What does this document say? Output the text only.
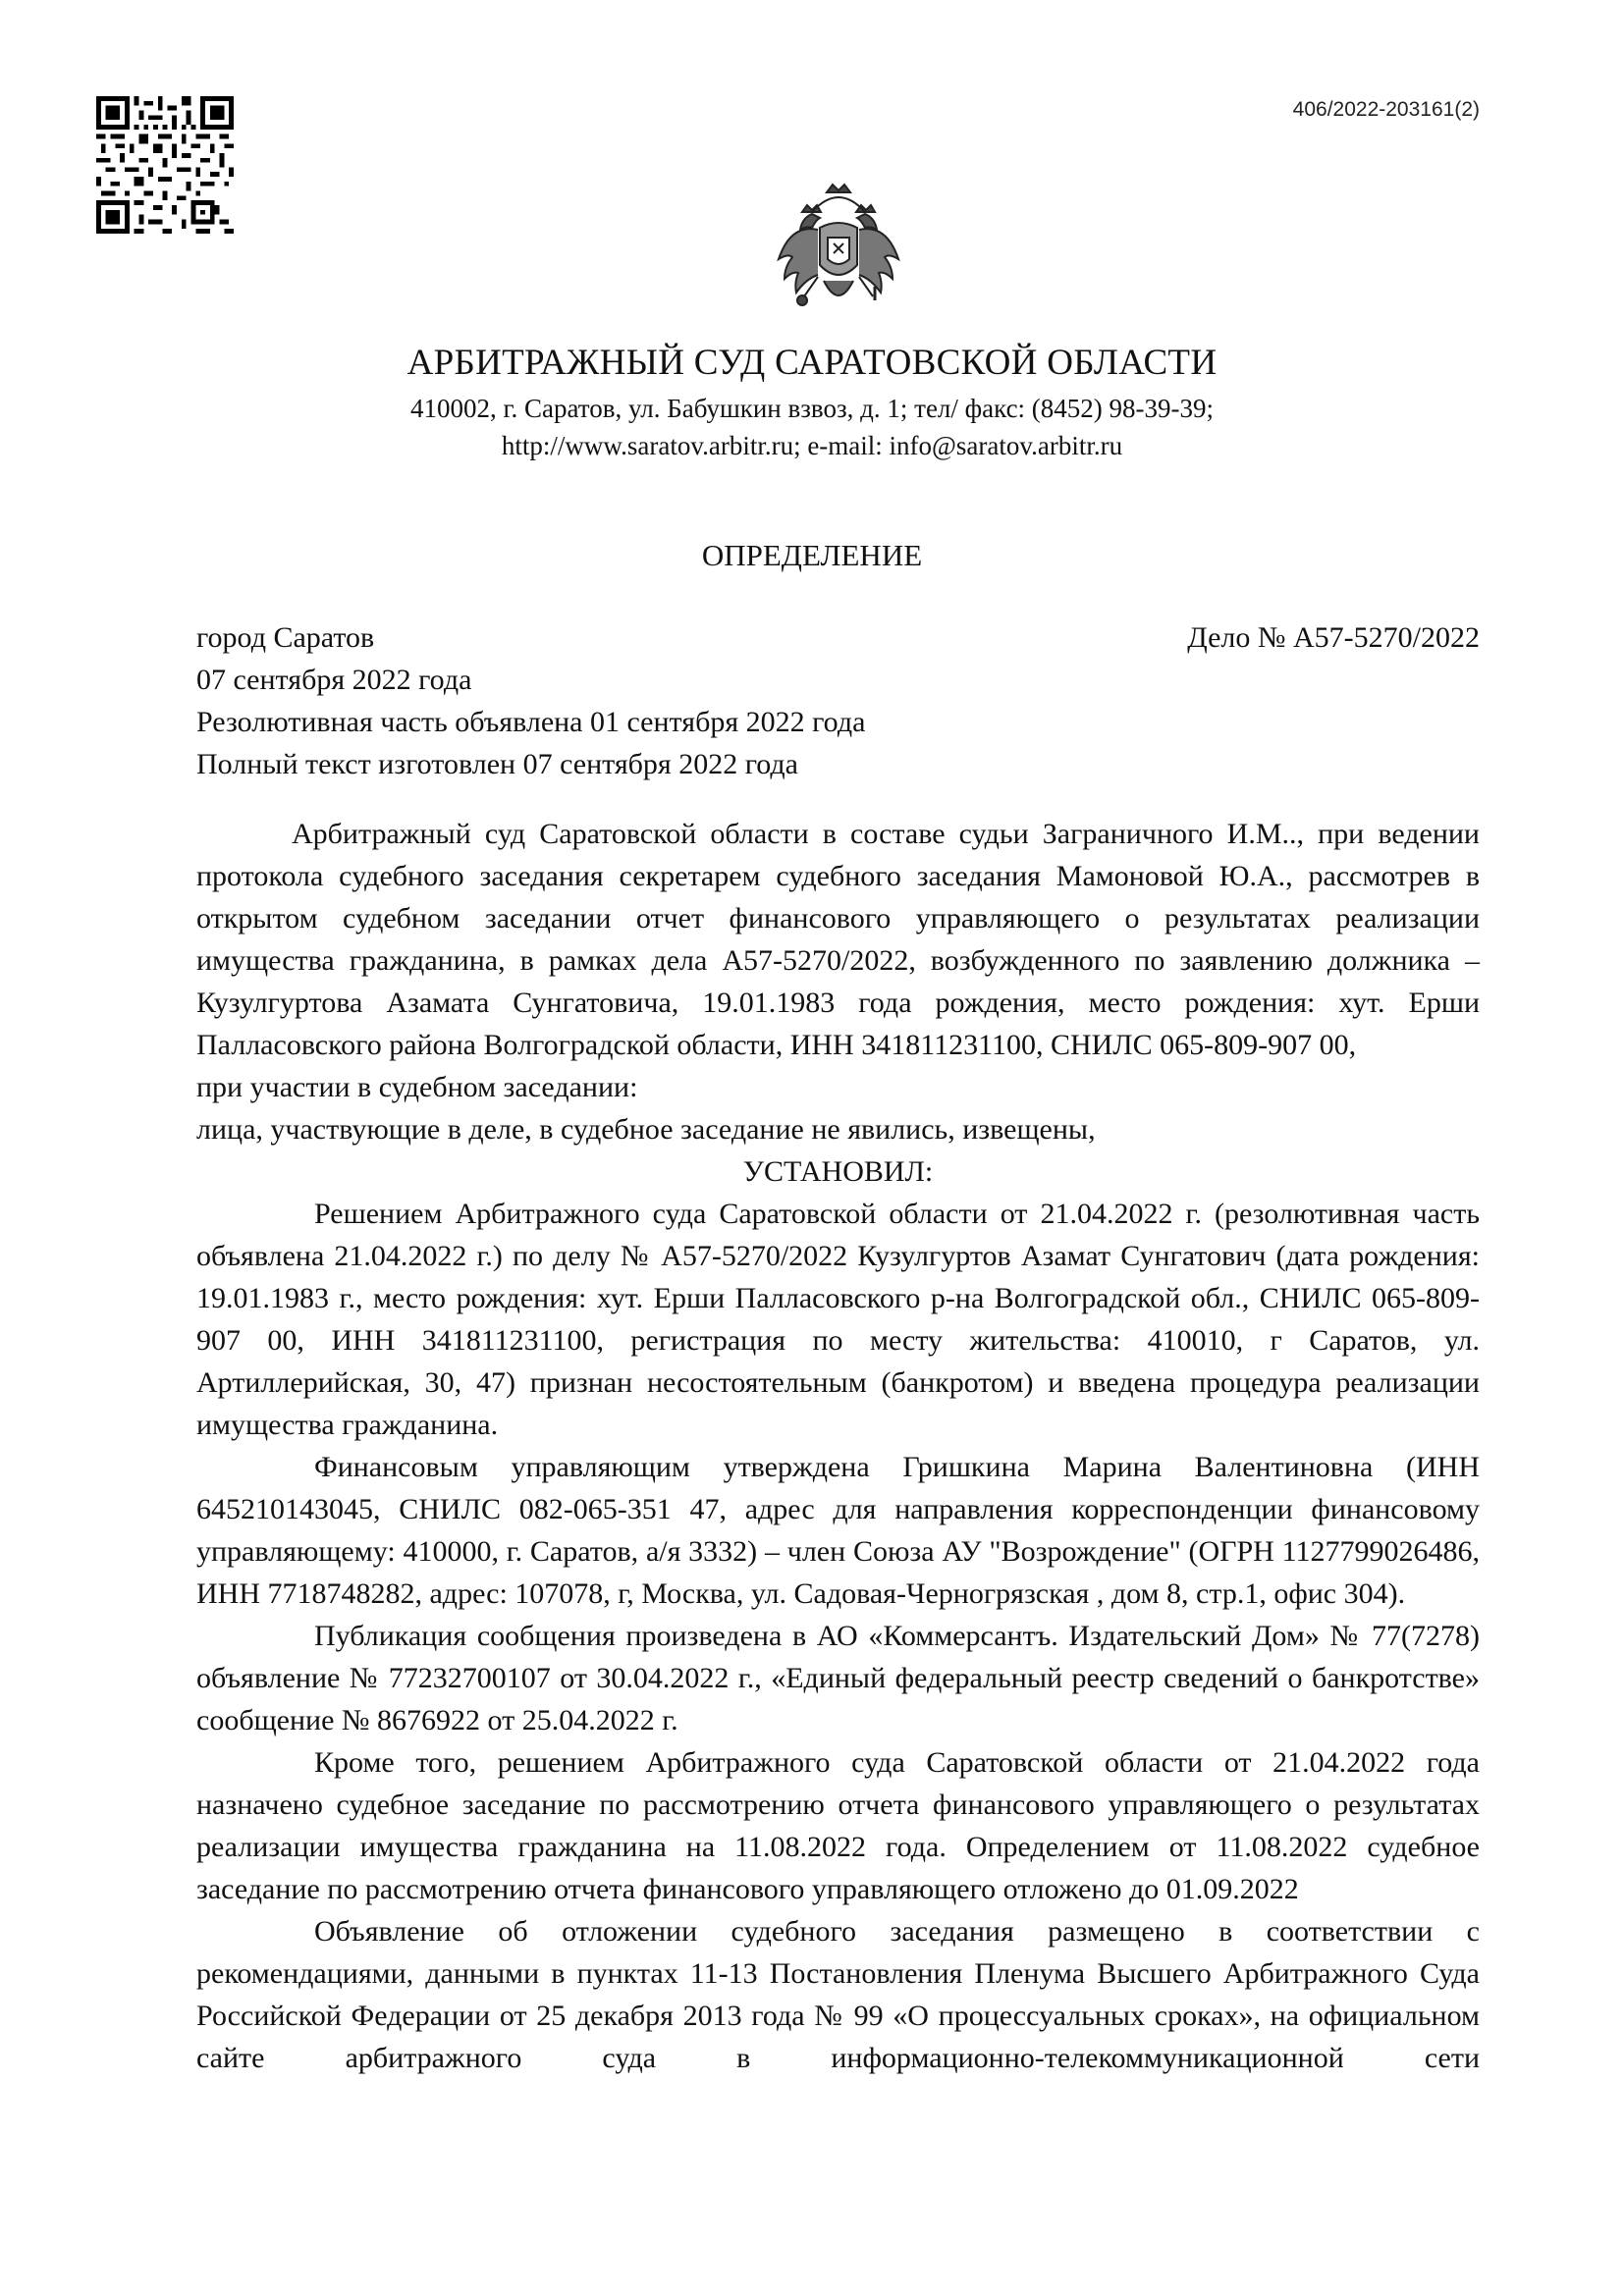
406/2022-203161(2)
АРБИТРАЖНЫЙ СУД САРАТОВСКОЙ ОБЛАСТИ
410002, г. Саратов, ул. Бабушкин взвоз, д. 1; тел/ факс: (8452) 98-39-39;
http://www.saratov.arbitr.ru; e-mail: info@saratov.arbitr.ru
ОПРЕДЕЛЕНИЕ
город Саратов	Дело № А57-5270/2022
07 сентября 2022 года
Резолютивная часть объявлена 01 сентября 2022 года
Полный текст изготовлен 07 сентября 2022 года

Арбитражный суд Саратовской области в составе судьи Заграничного И.М.., при ведении протокола судебного заседания секретарем судебного заседания Мамоновой Ю.А., рассмотрев в открытом судебном заседании отчет финансового управляющего о результатах реализации имущества гражданина, в рамках дела А57-5270/2022, возбужденного по заявлению должника – Кузулгуртова Азамата Сунгатовича, 19.01.1983 года рождения, место рождения: хут. Ерши Палласовского района Волгоградской области, ИНН 341811231100, СНИЛС 065-809-907 00,

при участии в судебном заседании:

лица, участвующие в деле, в судебное заседание не явились, извещены,

УСТАНОВИЛ:

Решением Арбитражного суда Саратовской области от 21.04.2022 г. (резолютивная часть объявлена 21.04.2022 г.) по делу № А57-5270/2022 Кузулгуртов Азамат Сунгатович (дата рождения: 19.01.1983 г., место рождения: хут. Ерши Палласовского р-на Волгоградской обл., СНИЛС 065-809-907 00, ИНН 341811231100, регистрация по месту жительства: 410010, г Саратов, ул. Артиллерийская, 30, 47) признан несостоятельным (банкротом) и введена процедура реализации имущества гражданина.

Финансовым управляющим утверждена Гришкина Марина Валентиновна (ИНН 645210143045, СНИЛС 082-065-351 47, адрес для направления корреспонденции финансовому управляющему: 410000, г. Саратов, а/я 3332) – член Союза АУ "Возрождение" (ОГРН 1127799026486, ИНН 7718748282, адрес: 107078, г, Москва, ул. Садовая-Черногрязская , дом 8, стр.1, офис 304).

Публикация сообщения произведена в АО «Коммерсантъ. Издательский Дом» № 77(7278) объявление № 77232700107 от 30.04.2022 г., «Единый федеральный реестр сведений о банкротстве» сообщение № 8676922 от 25.04.2022 г.

Кроме того, решением Арбитражного суда Саратовской области от 21.04.2022 года назначено судебное заседание по рассмотрению отчета финансового управляющего о результатах реализации имущества гражданина на 11.08.2022 года. Определением от 11.08.2022 судебное заседание по рассмотрению отчета финансового управляющего отложено до 01.09.2022

Объявление об отложении судебного заседания размещено в соответствии с рекомендациями, данными в пунктах 11-13 Постановления Пленума Высшего Арбитражного Суда Российской Федерации от 25 декабря 2013 года № 99 «О процессуальных сроках», на официальном сайте арбитражного суда в информационно-телекоммуникационной сети
